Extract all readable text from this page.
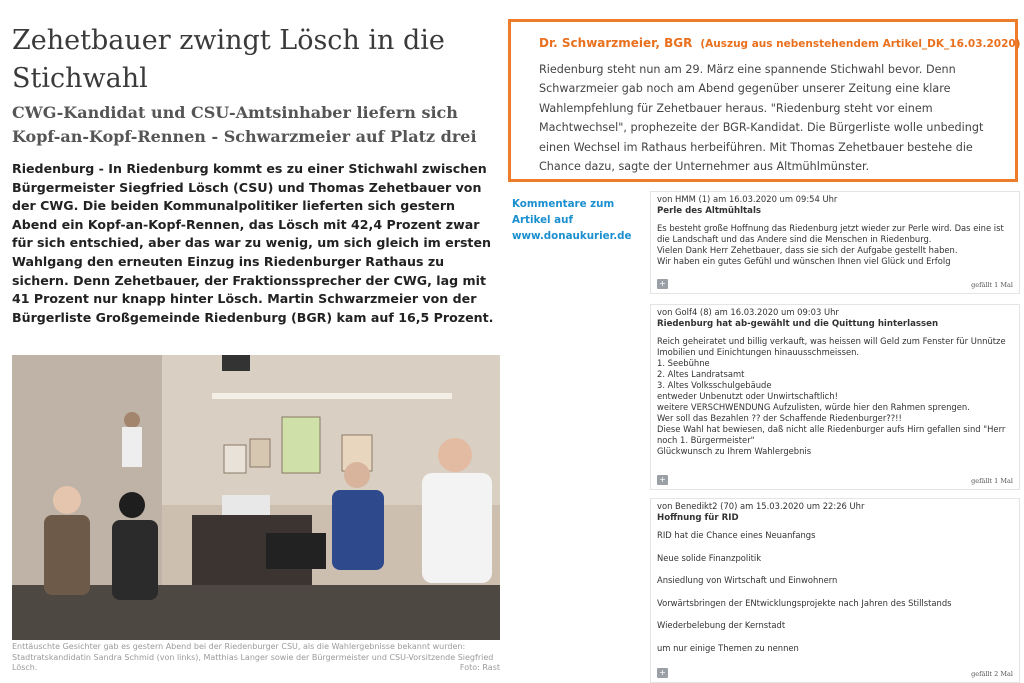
Zehetbauer zwingt Lösch in die Stichwahl
CWG-Kandidat und CSU-Amtsinhaber liefern sich Kopf-an-Kopf-Rennen - Schwarzmeier auf Platz drei

Riedenburg - In Riedenburg kommt es zu einer Stichwahl zwischen Bürgermeister Siegfried Lösch (CSU) und Thomas Zehetbauer von der CWG. Die beiden Kommunalpolitiker lieferten sich gestern Abend ein Kopf-an-Kopf-Rennen, das Lösch mit 42,4 Prozent zwar für sich entschied, aber das war zu wenig, um sich gleich im ersten Wahlgang den erneuten Einzug ins Riedenburger Rathaus zu sichern. Denn Zehetbauer, der Fraktionssprecher der CWG, lag mit 41 Prozent nur knapp hinter Lösch. Martin Schwarzmeier von der Bürgerliste Großgemeinde Riedenburg (BGR) kam auf 16,5 Prozent.

Enttäuschte Gesichter gab es gestern Abend bei der Riedenburger CSU, als die Wahlergebnisse bekannt wurden: Stadtratskandidatin Sandra Schmid (von links), Matthias Langer sowie der Bürgermeister und CSU-Vorsitzende Siegfried Lösch.	Foto: Rast
Dr. Schwarzmeier, BGR (Auszug aus nebenstehendem Artikel_DK_16.03.2020)
Riedenburg steht nun am 29. März eine spannende Stichwahl bevor. Denn Schwarzmeier gab noch am Abend gegenüber unserer Zeitung eine klare Wahlempfehlung für Zehetbauer heraus. "Riedenburg steht vor einem Machtwechsel", prophezeite der BGR-Kandidat. Die Bürgerliste wolle unbedingt einen Wechsel im Rathaus herbeiführen. Mit Thomas Zehetbauer bestehe die Chance dazu, sagte der Unternehmer aus Altmühlmünster.
Kommentare zum Artikel auf www.donaukurier.de
von HMM (1) am 16.03.2020 um 09:54 Uhr
Perle des Altmühltals

Es besteht große Hoffnung das Riedenburg jetzt wieder zur Perle wird. Das eine ist die Landschaft und das Andere sind die Menschen in Riedenburg.

Vielen Dank Herr Zehetbauer, dass sie sich der Aufgabe gestellt haben.

Wir haben ein gutes Gefühl und wünschen Ihnen viel Glück und Erfolg

+	gefällt 1 Mal
von Golf4 (8) am 16.03.2020 um 09:03 Uhr
Riedenburg hat ab-gewählt und die Quittung hinterlassen

Reich geheiratet und billig verkauft, was heissen will Geld zum Fenster für Unnütze Imobilien und Einichtungen hinauusschmeissen.

1. Seebühne

2. Altes Landratsamt

3. Altes Volksschulgebäude

entweder Unbenutzt oder Unwirtschaftlich!

weitere VERSCHWENDUNG Aufzulisten, würde hier den Rahmen sprengen.

Wer soll das Bezahlen ?? der Schaffende Riedenburger??!!

Diese Wahl hat bewiesen, daß nicht alle Riedenburger aufs Hirn gefallen sind "Herr noch 1. Bürgermeister"

Glückwunsch zu Ihrem Wahlergebnis

+	gefällt 1 Mal
von Benedikt2 (70) am 15.03.2020 um 22:26 Uhr
Hoffnung für RID

RID hat die Chance eines Neuanfangs

Neue solide Finanzpolitik

Ansiedlung von Wirtschaft und Einwohnern

Vorwärtsbringen der ENtwicklungsprojekte nach Jahren des Stillstands

Wiederbelebung der Kernstadt

um nur einige Themen zu nennen

+	gefällt 2 Mal
